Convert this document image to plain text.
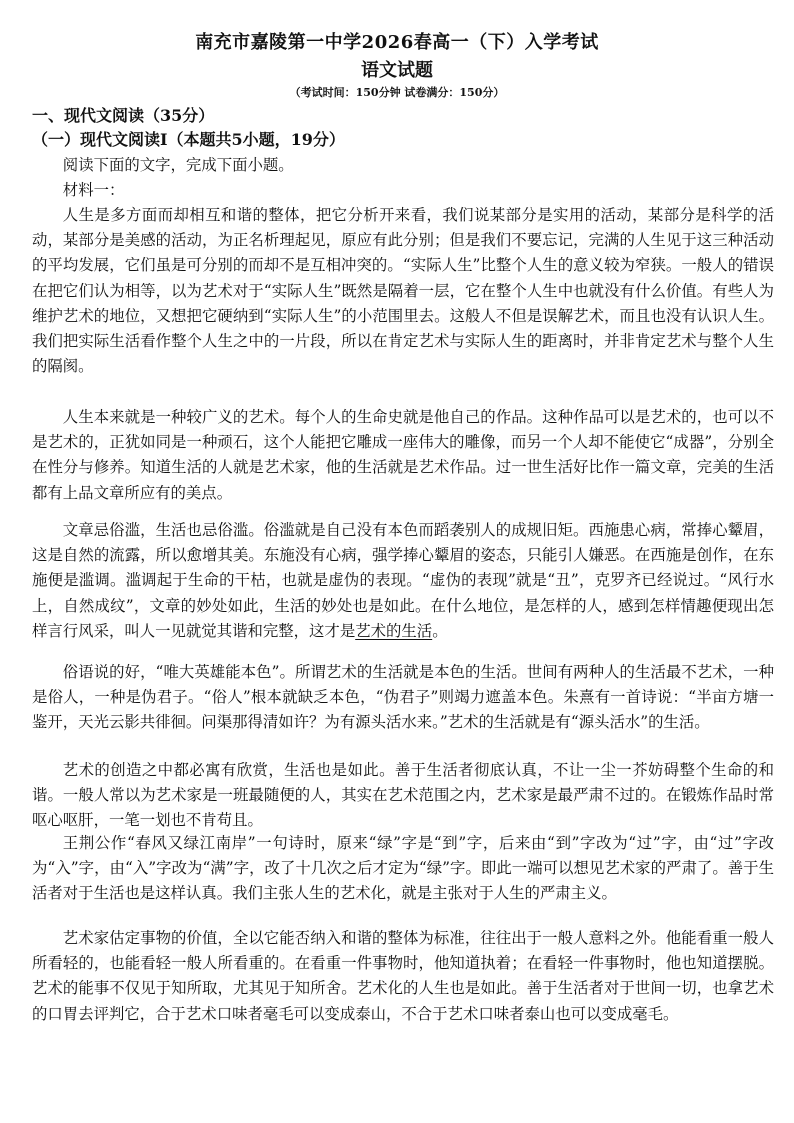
南充市嘉陵第一中学2026春高一（下）入学考试
语文试题
（考试时间：150分钟 试卷满分：150分）
一、现代文阅读（35分）
（一）现代文阅读Ⅰ（本题共5小题，19分）

阅读下面的文字，完成下面小题。

材料一：

人生是多方面而却相互和谐的整体，把它分析开来看，我们说某部分是实用的活动，某部分是科学的活动，某部分是美感的活动，为正名析理起见，原应有此分别；但是我们不要忘记，完满的人生见于这三种活动的平均发展，它们虽是可分别的而却不是互相冲突的。“实际人生”比整个人生的意义较为窄狭。一般人的错误在把它们认为相等，以为艺术对于“实际人生”既然是隔着一层，它在整个人生中也就没有什么价值。有些人为维护艺术的地位，又想把它硬纳到“实际人生”的小范围里去。这般人不但是误解艺术，而且也没有认识人生。我们把实际生活看作整个人生之中的一片段，所以在肯定艺术与实际人生的距离时，并非肯定艺术与整个人生的隔阂。

人生本来就是一种较广义的艺术。每个人的生命史就是他自己的作品。这种作品可以是艺术的，也可以不是艺术的，正犹如同是一种顽石，这个人能把它雕成一座伟大的雕像，而另一个人却不能使它“成器”，分别全在性分与修养。知道生活的人就是艺术家，他的生活就是艺术作品。过一世生活好比作一篇文章，完美的生活都有上品文章所应有的美点。

文章忌俗滥，生活也忌俗滥。俗滥就是自己没有本色而蹈袭别人的成规旧矩。西施患心病，常捧心颦眉，这是自然的流露，所以愈增其美。东施没有心病，强学捧心颦眉的姿态，只能引人嫌恶。在西施是创作，在东施便是滥调。滥调起于生命的干枯，也就是虚伪的表现。“虚伪的表现”就是“丑”，克罗齐已经说过。“风行水上，自然成纹”，文章的妙处如此，生活的妙处也是如此。在什么地位，是怎样的人，感到怎样情趣便现出怎样言行风采，叫人一见就觉其谐和完整，这才是艺术的生活。

俗语说的好，“唯大英雄能本色”。所谓艺术的生活就是本色的生活。世间有两种人的生活最不艺术，一种是俗人，一种是伪君子。“俗人”根本就缺乏本色，“伪君子”则竭力遮盖本色。朱熹有一首诗说：“半亩方塘一鉴开，天光云影共徘徊。问渠那得清如许？为有源头活水来。”艺术的生活就是有“源头活水”的生活。

艺术的创造之中都必寓有欣赏，生活也是如此。善于生活者彻底认真，不让一尘一芥妨碍整个生命的和谐。一般人常以为艺术家是一班最随便的人，其实在艺术范围之内，艺术家是最严肃不过的。在锻炼作品时常呕心呕肝，一笔一划也不肯苟且。

王荆公作“春风又绿江南岸”一句诗时，原来“绿”字是“到”字，后来由“到”字改为“过”字，由“过”字改为“入”字，由“入”字改为“满”字，改了十几次之后才定为“绿”字。即此一端可以想见艺术家的严肃了。善于生活者对于生活也是这样认真。我们主张人生的艺术化，就是主张对于人生的严肃主义。

艺术家估定事物的价值，全以它能否纳入和谐的整体为标准，往往出于一般人意料之外。他能看重一般人所看轻的，也能看轻一般人所看重的。在看重一件事物时，他知道执着；在看轻一件事物时，他也知道摆脱。艺术的能事不仅见于知所取，尤其见于知所舍。艺术化的人生也是如此。善于生活者对于世间一切，也拿艺术的口胃去评判它，合于艺术口味者毫毛可以变成泰山，不合于艺术口味者泰山也可以变成毫毛。
